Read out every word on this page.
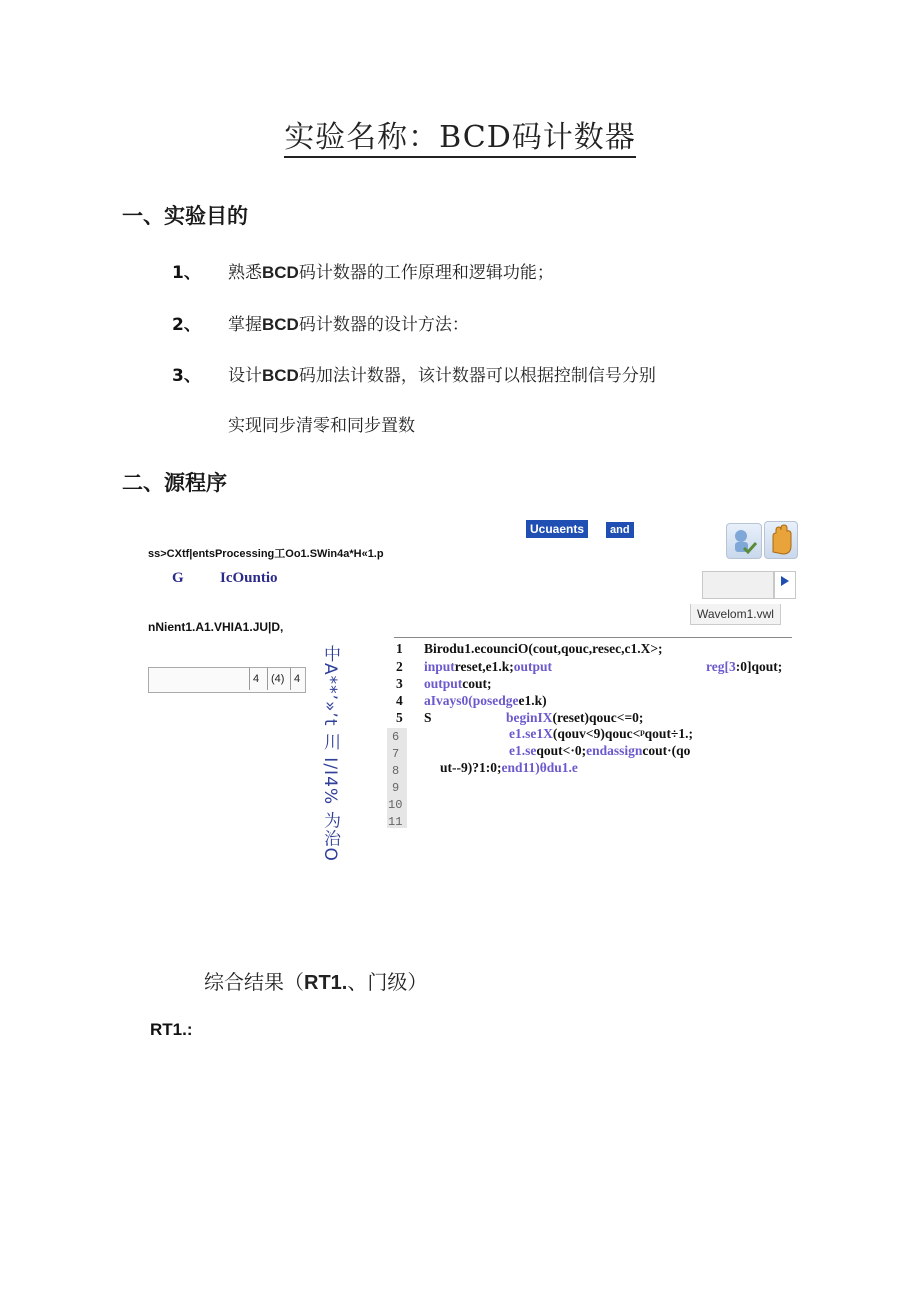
实验名称：BCD码计数器
一、实验目的
1、 熟悉BCD码计数器的工作原理和逻辑功能；
2、 掌握BCD码计数器的设计方法：
3、 设计BCD码加法计数器，该计数器可以根据控制信号分别
实现同步清零和同步置数
二、源程序
Ucuaents	and
ss>CXtf|entsProcessing工Oo1.SWin4a*H«1.p
G IcOuntio
Wavelom1.vwl
nNient1.A1.VHIA1.JU|D,
4	(4) 4 中A**’»’t 川 I/I4% 为治O	1 Birodu1.ecounciO(cout,qouc,resec,c1.X>;
2 inputreset,e1.k;output	reg[3:0]qout;
3 outputcout;
4 aIvays0(posedgee1.k)
5 S	beginIX(reset)qouc<=0;
6
7
8
9
10
11
e1.se1X(qouv<9)qouc<ᵖqout÷1.;
e1.seqout<·0;endassigncout·(qo
ut--9)?1:0;end11)θdu1.e
综合结果（RT1.、门级）
RT1.:
